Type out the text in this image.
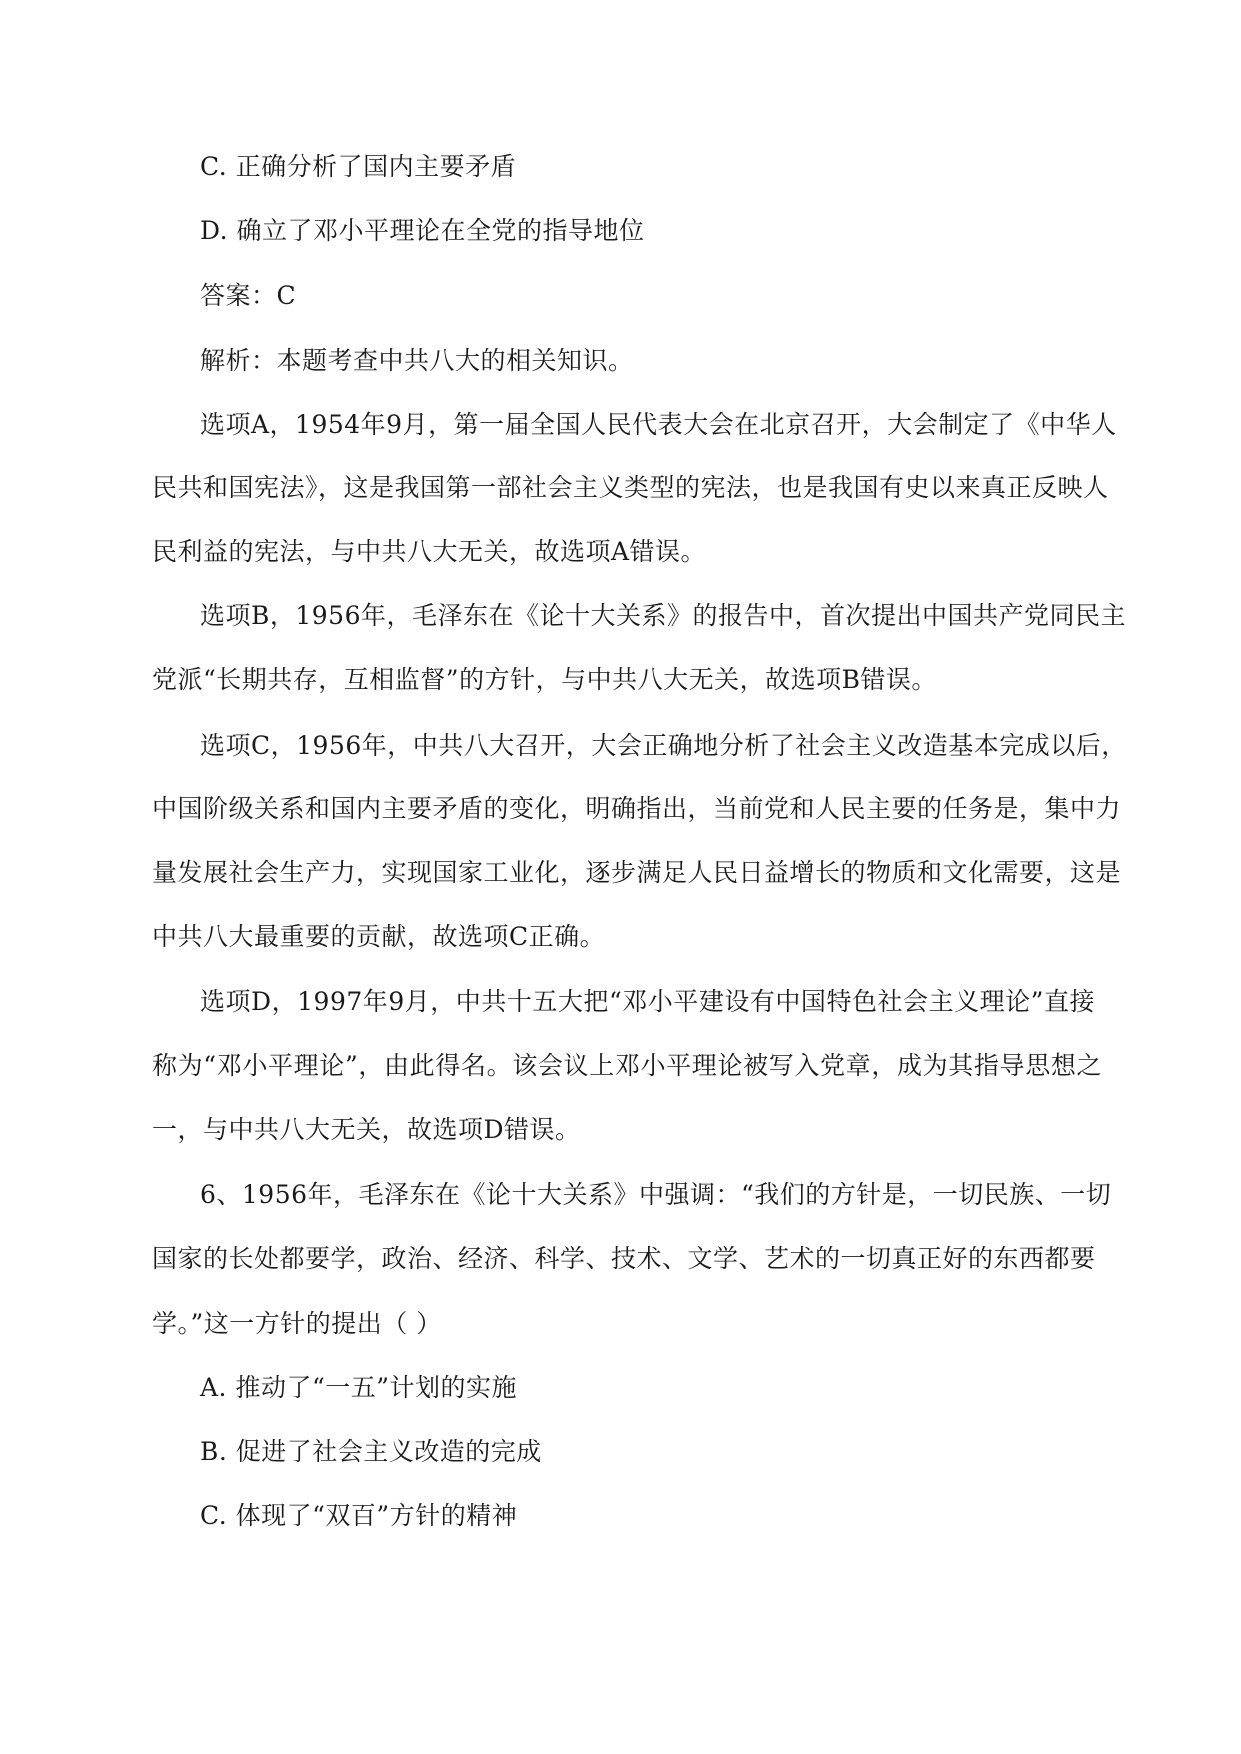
C. 正确分析了国内主要矛盾
D. 确立了邓小平理论在全党的指导地位
答案：C
解析：本题考查中共八大的相关知识。
选项A，1954年9月，第一届全国人民代表大会在北京召开，大会制定了《中华人
民共和国宪法》，这是我国第一部社会主义类型的宪法，也是我国有史以来真正反映人
民利益的宪法，与中共八大无关，故选项A错误。
选项B，1956年，毛泽东在《论十大关系》的报告中，首次提出中国共产党同民主
党派“长期共存，互相监督”的方针，与中共八大无关，故选项B错误。
选项C，1956年，中共八大召开，大会正确地分析了社会主义改造基本完成以后，
中国阶级关系和国内主要矛盾的变化，明确指出，当前党和人民主要的任务是，集中力
量发展社会生产力，实现国家工业化，逐步满足人民日益增长的物质和文化需要，这是
中共八大最重要的贡献，故选项C正确。
选项D，1997年9月，中共十五大把“邓小平建设有中国特色社会主义理论”直接
称为“邓小平理论”，由此得名。该会议上邓小平理论被写入党章，成为其指导思想之
一，与中共八大无关，故选项D错误。
6、1956年，毛泽东在《论十大关系》中强调：“我们的方针是，一切民族、一切
国家的长处都要学，政治、经济、科学、技术、文学、艺术的一切真正好的东西都要
学。”这一方针的提出（ ）
A. 推动了“一五”计划的实施
B. 促进了社会主义改造的完成
C. 体现了“双百”方针的精神
